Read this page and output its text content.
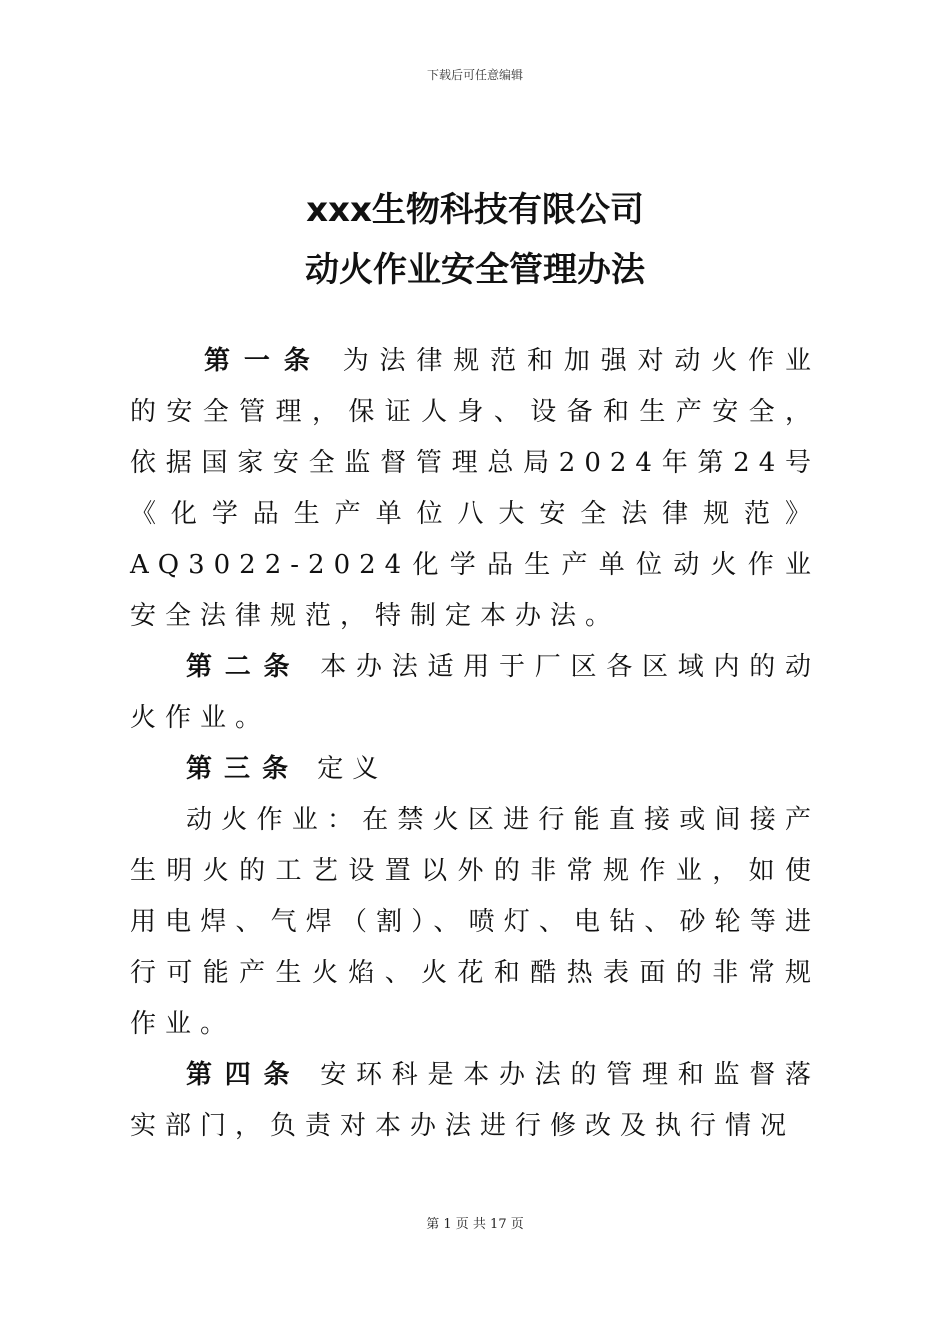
下载后可任意编辑
xxx生物科技有限公司
动火作业安全管理办法

第一条 为法律规范和加强对动火作业的安全管理，保证人身、设备和生产安全，依据国家安全监督管理总局2024年第24号《化学品生产单位八大安全法律规范》AQ3022-2024化学品生产单位动火作业安全法律规范，特制定本办法。

第二条 本办法适用于厂区各区域内的动火作业。

第三条 定义

动火作业：在禁火区进行能直接或间接产生明火的工艺设置以外的非常规作业，如使用电焊、气焊（割）、喷灯、电钻、砂轮等进行可能产生火焰、火花和酷热表面的非常规作业。

第四条 安环科是本办法的管理和监督落实部门，负责对本办法进行修改及执行情况

第 1 页 共 17 页
